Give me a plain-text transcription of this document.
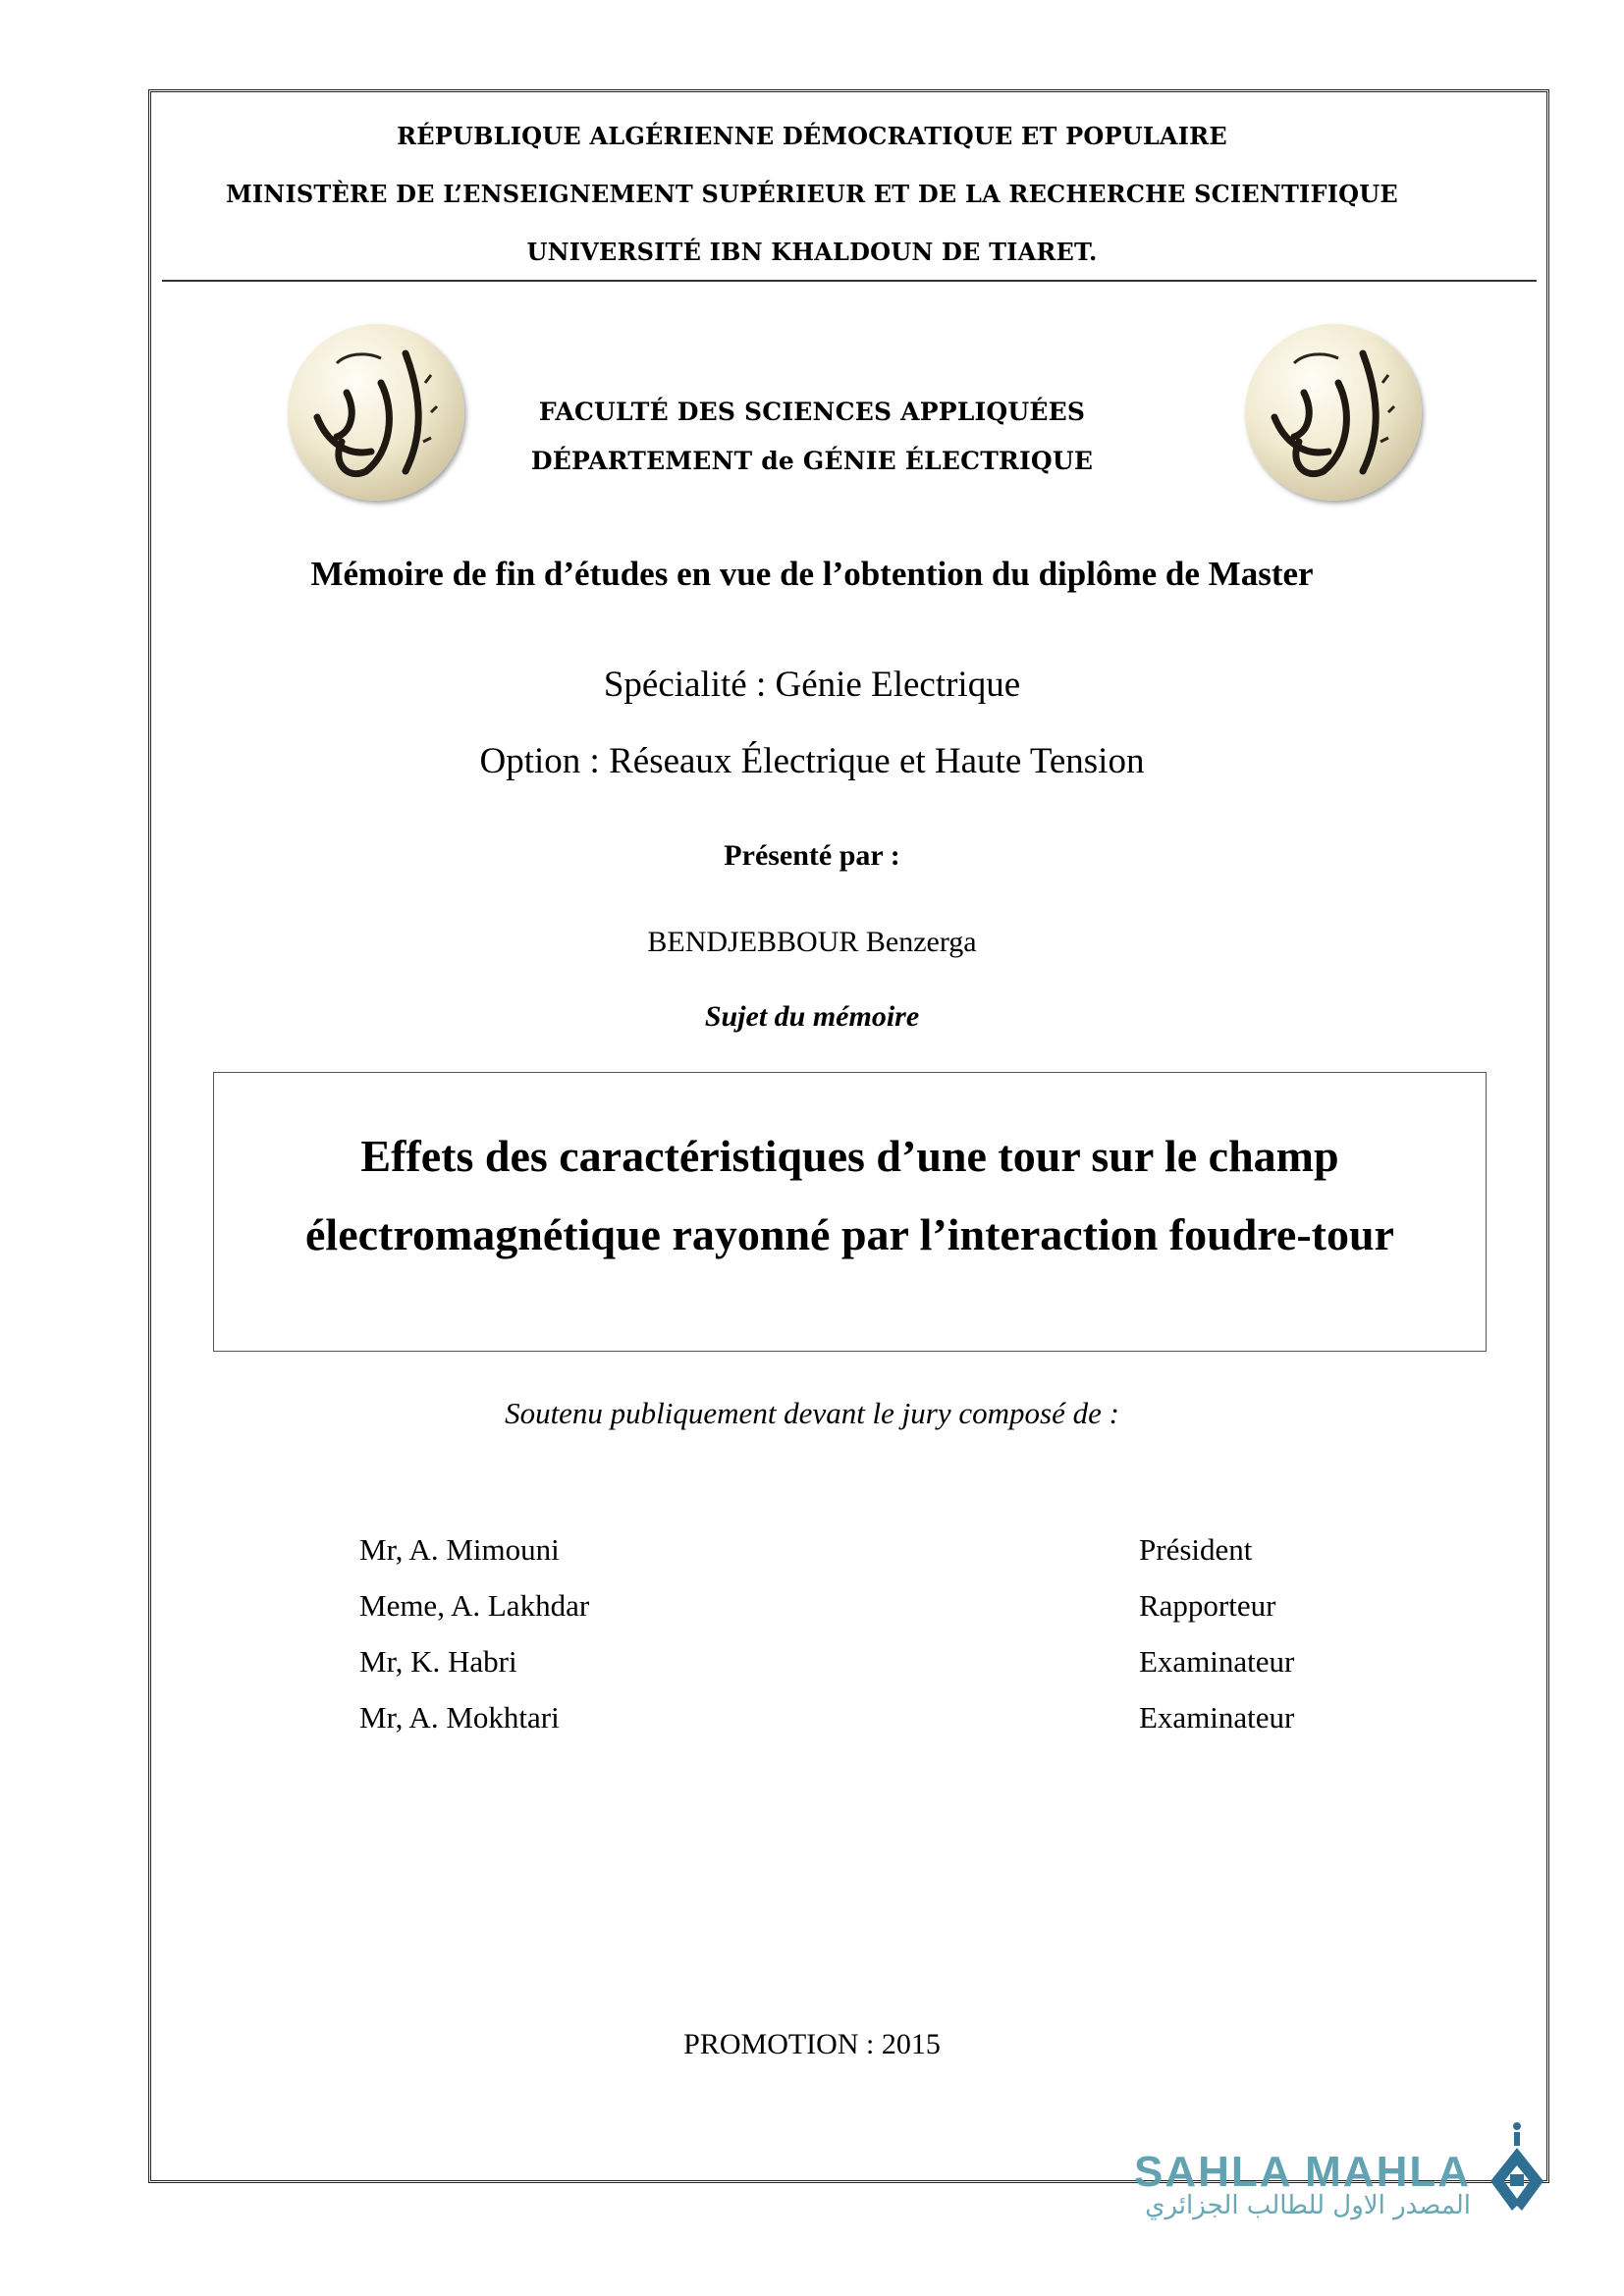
RÉPUBLIQUE ALGÉRIENNE DÉMOCRATIQUE ET POPULAIRE
MINISTÈRE DE L’ENSEIGNEMENT SUPÉRIEUR ET DE LA RECHERCHE SCIENTIFIQUE
UNIVERSITÉ IBN KHALDOUN DE TIARET.
FACULTÉ DES SCIENCES APPLIQUÉES
DÉPARTEMENT de GÉNIE ÉLECTRIQUE
Mémoire de fin d’études en vue de l’obtention du diplôme de Master
Spécialité : Génie Electrique
Option : Réseaux Électrique et Haute Tension
Présenté par :
BENDJEBBOUR Benzerga
Sujet du mémoire
Effets des caractéristiques d’une tour sur le champ
électromagnétique rayonné par l’interaction foudre-tour
Soutenu publiquement devant le jury composé de :
Mr, A. Mimouni	Président
Meme, A. Lakhdar	Rapporteur
Mr, K. Habri	Examinateur
Mr, A. Mokhtari	Examinateur
PROMOTION : 2015
SAHLA MAHLA
المصدر الاول للطالب الجزائري
